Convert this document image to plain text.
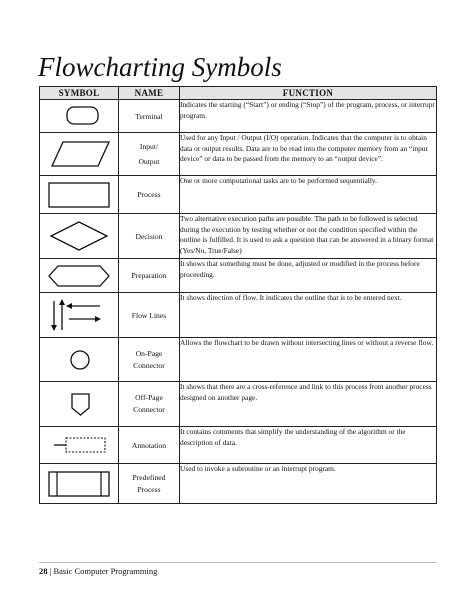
Flowcharting Symbols
SYMBOL	NAME	FUNCTION

	Terminal	Indicates the starting (“Start”) or ending (“Stop”) of the program, process, or interrupt program.

	Input/ Output	Used for any Input / Output (I/O) operation. Indicates that the computer is to obtain data or output results. Data are to be read into the computer memory from an “input device” or data to be passed from the memory to an “output device”.

	Process	One or more computational tasks are to be performed sequentially.

	Decision	Two alternative execution paths are possible. The path to be followed is selected during the execution by testing whether or not the condition specified within the outline is fulfilled. It is used to ask a question that can be answered in a binary format (Yes/No, True/False)

	Preparation	It shows that something must be done, adjusted or modified in the process before proceeding.

	Flow Lines	It shows direction of flow. It indicates the outline that is to be entered next.

	On-Page Connector	Allows the flowchart to be drawn without intersecting lines or without a reverse flow.

	Off-Page Connector	It shows that there are a cross-reference and link to this process from another process designed on another page.

	Annotation	It contains comments that simplify the understanding of the algorithm or the description of data.

	Predefined Process	Used to invoke a subroutine or an interrupt program.
28 | Basic Computer Programming
